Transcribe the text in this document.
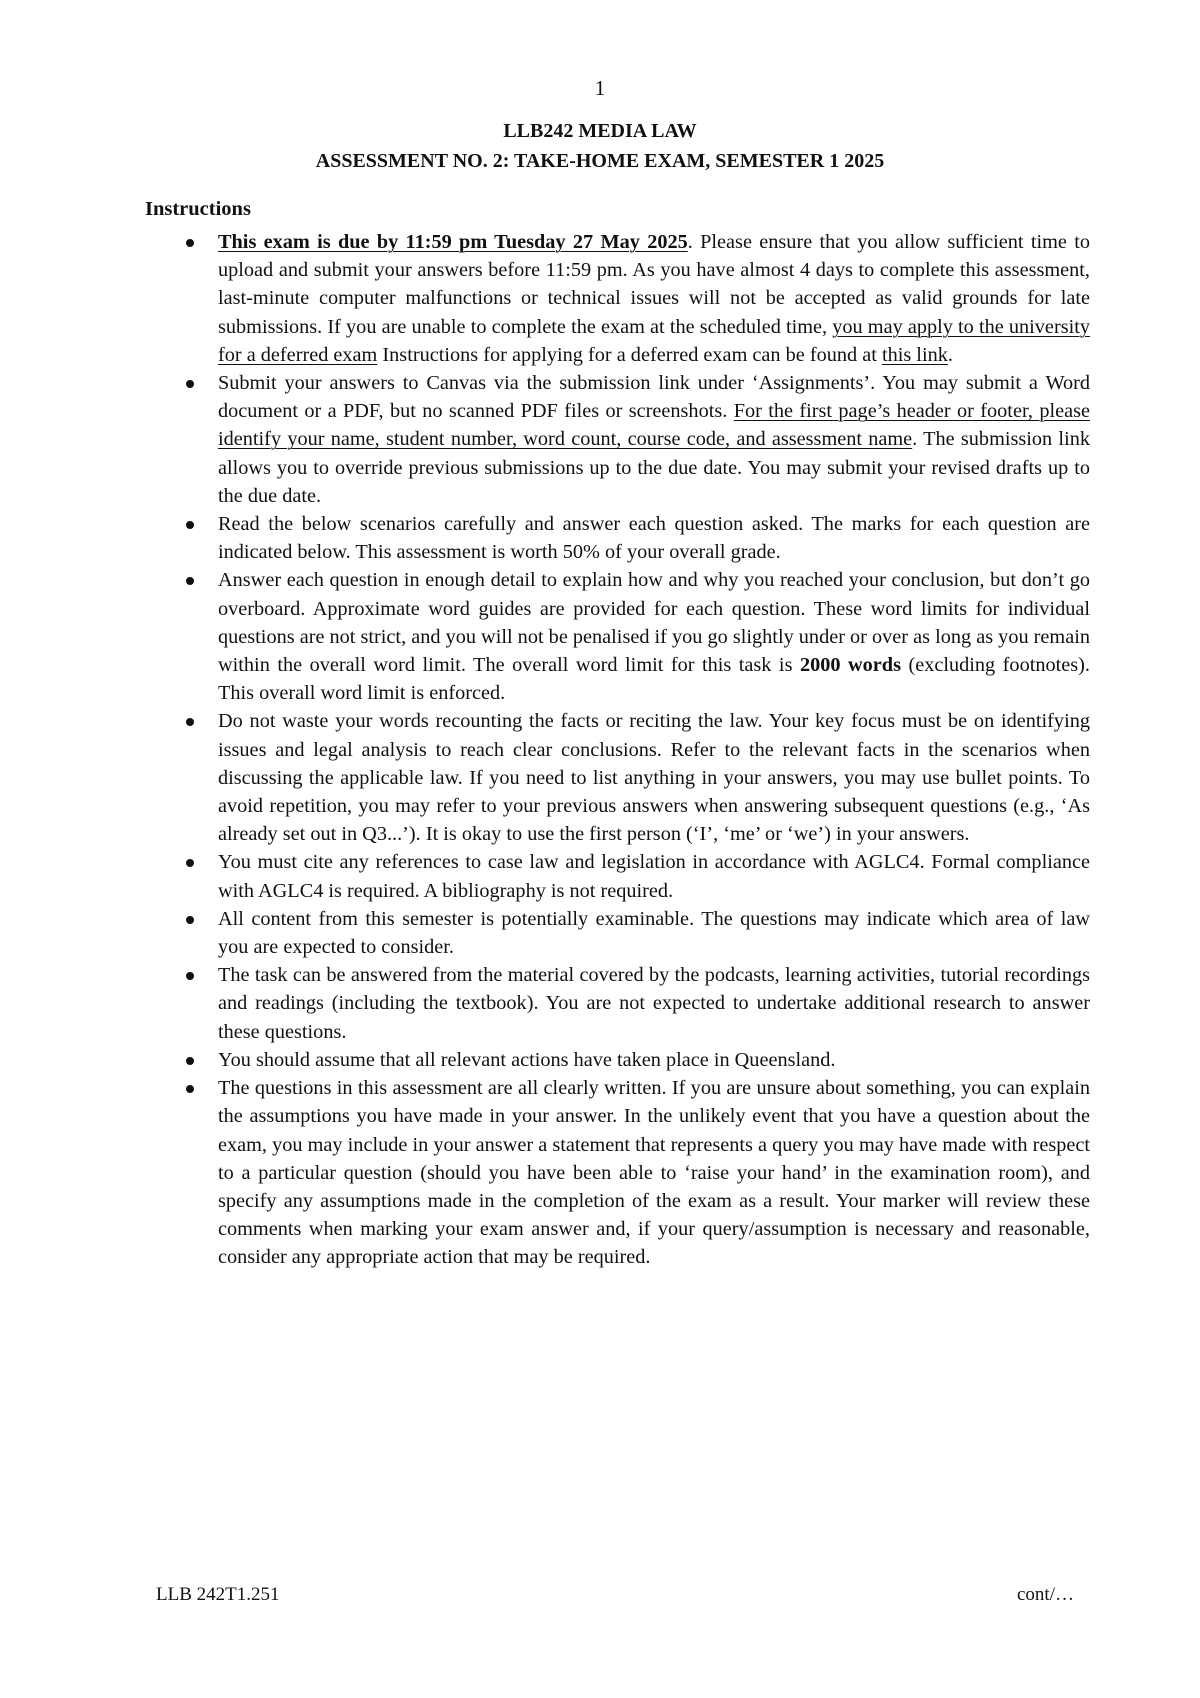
1
LLB242 MEDIA LAW
ASSESSMENT NO. 2: TAKE-HOME EXAM, SEMESTER 1 2025
Instructions
This exam is due by 11:59 pm Tuesday 27 May 2025. Please ensure that you allow sufficient time to upload and submit your answers before 11:59 pm. As you have almost 4 days to complete this assessment, last-minute computer malfunctions or technical issues will not be accepted as valid grounds for late submissions. If you are unable to complete the exam at the scheduled time, you may apply to the university for a deferred exam Instructions for applying for a deferred exam can be found at this link.
Submit your answers to Canvas via the submission link under ‘Assignments’. You may submit a Word document or a PDF, but no scanned PDF files or screenshots. For the first page’s header or footer, please identify your name, student number, word count, course code, and assessment name. The submission link allows you to override previous submissions up to the due date. You may submit your revised drafts up to the due date.
Read the below scenarios carefully and answer each question asked. The marks for each question are indicated below. This assessment is worth 50% of your overall grade.
Answer each question in enough detail to explain how and why you reached your conclusion, but don’t go overboard. Approximate word guides are provided for each question. These word limits for individual questions are not strict, and you will not be penalised if you go slightly under or over as long as you remain within the overall word limit. The overall word limit for this task is 2000 words (excluding footnotes). This overall word limit is enforced.
Do not waste your words recounting the facts or reciting the law. Your key focus must be on identifying issues and legal analysis to reach clear conclusions. Refer to the relevant facts in the scenarios when discussing the applicable law. If you need to list anything in your answers, you may use bullet points. To avoid repetition, you may refer to your previous answers when answering subsequent questions (e.g., ‘As already set out in Q3...’). It is okay to use the first person (‘I’, ‘me’ or ‘we’) in your answers.
You must cite any references to case law and legislation in accordance with AGLC4. Formal compliance with AGLC4 is required. A bibliography is not required.
All content from this semester is potentially examinable. The questions may indicate which area of law you are expected to consider.
The task can be answered from the material covered by the podcasts, learning activities, tutorial recordings and readings (including the textbook). You are not expected to undertake additional research to answer these questions.
You should assume that all relevant actions have taken place in Queensland.
The questions in this assessment are all clearly written. If you are unsure about something, you can explain the assumptions you have made in your answer. In the unlikely event that you have a question about the exam, you may include in your answer a statement that represents a query you may have made with respect to a particular question (should you have been able to ‘raise your hand’ in the examination room), and specify any assumptions made in the completion of the exam as a result. Your marker will review these comments when marking your exam answer and, if your query/assumption is necessary and reasonable, consider any appropriate action that may be required.
LLB 242T1.251	cont/…
